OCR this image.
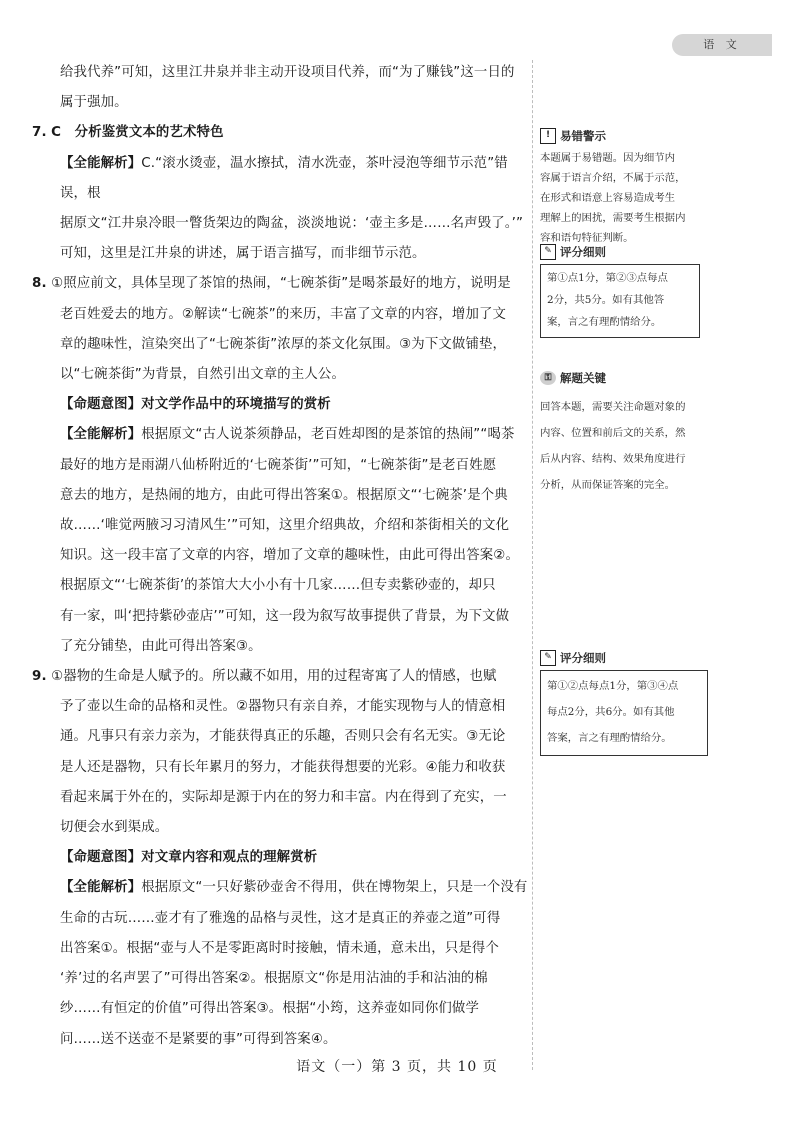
语 文

给我代养”可知，这里江井泉并非主动开设项目代养，而“为了赚钱”这一日的

属于强加。

7. C　分析鉴赏文本的艺术特色

【全能解析】C.“滚水烫壶，温水擦拭，清水洗壶，茶叶浸泡等细节示范”错误，根

据原文“江井泉冷眼一瞥货架边的陶盆，淡淡地说：‘壶主多是……名声毁了。’”

可知，这里是江井泉的讲述，属于语言描写，而非细节示范。

8. ①照应前文，具体呈现了茶馆的热闹，“七碗茶街”是喝茶最好的地方，说明是

老百姓爱去的地方。②解读“七碗茶”的来历，丰富了文章的内容，增加了文

章的趣味性，渲染突出了“七碗茶街”浓厚的茶文化氛围。③为下文做铺垫，

以“七碗茶街”为背景，自然引出文章的主人公。

【命题意图】对文学作品中的环境描写的赏析

【全能解析】根据原文“古人说茶须静品，老百姓却图的是茶馆的热闹”“喝茶

最好的地方是雨湖八仙桥附近的‘七碗茶街’”可知，“七碗茶街”是老百姓愿

意去的地方，是热闹的地方，由此可得出答案①。根据原文“‘七碗茶’是个典

故……‘唯觉两腋习习清风生’”可知，这里介绍典故，介绍和茶街相关的文化

知识。这一段丰富了文章的内容，增加了文章的趣味性，由此可得出答案②。

根据原文“‘七碗茶街’的茶馆大大小小有十几家……但专卖紫砂壶的，却只

有一家，叫‘把持紫砂壶店’”可知，这一段为叙写故事提供了背景，为下文做

了充分铺垫，由此可得出答案③。

9. ①器物的生命是人赋予的。所以藏不如用，用的过程寄寓了人的情感，也赋

予了壶以生命的品格和灵性。②器物只有亲自养，才能实现物与人的情意相

通。凡事只有亲力亲为，才能获得真正的乐趣，否则只会有名无实。③无论

是人还是器物，只有长年累月的努力，才能获得想要的光彩。④能力和收获

看起来属于外在的，实际却是源于内在的努力和丰富。内在得到了充实，一

切便会水到渠成。

【命题意图】对文章内容和观点的理解赏析

【全能解析】根据原文“一只好紫砂壶舍不得用，供在博物架上，只是一个没有

生命的古玩……壶才有了雅逸的品格与灵性，这才是真正的养壶之道”可得

出答案①。根据“壶与人不是零距离时时接触，情未通，意未出，只是得个

‘养’过的名声罢了”可得出答案②。根据原文“你是用沾油的手和沾油的棉

纱……有恒定的价值”可得出答案③。根据“小筠，这养壶如同你们做学

问……送不送壶不是紧要的事”可得到答案④。

! 易错警示
本题属于易错题。因为细节内
容属于语言介绍，不属于示范，
在形式和语意上容易造成考生
理解上的困扰，需要考生根据内
容和语句特征判断。
✎ 评分细则
第①点1分，第②③点每点
2分，共5分。如有其他答
案，言之有理酌情给分。
⚿ 解题关键
回答本题，需要关注命题对象的
内容、位置和前后文的关系，然
后从内容、结构、效果角度进行
分析，从而保证答案的完全。
✎ 评分细则
第①②点每点1分，第③④点
每点2分，共6分。如有其他
答案，言之有理酌情给分。
语文（一）第 3 页，共 10 页
